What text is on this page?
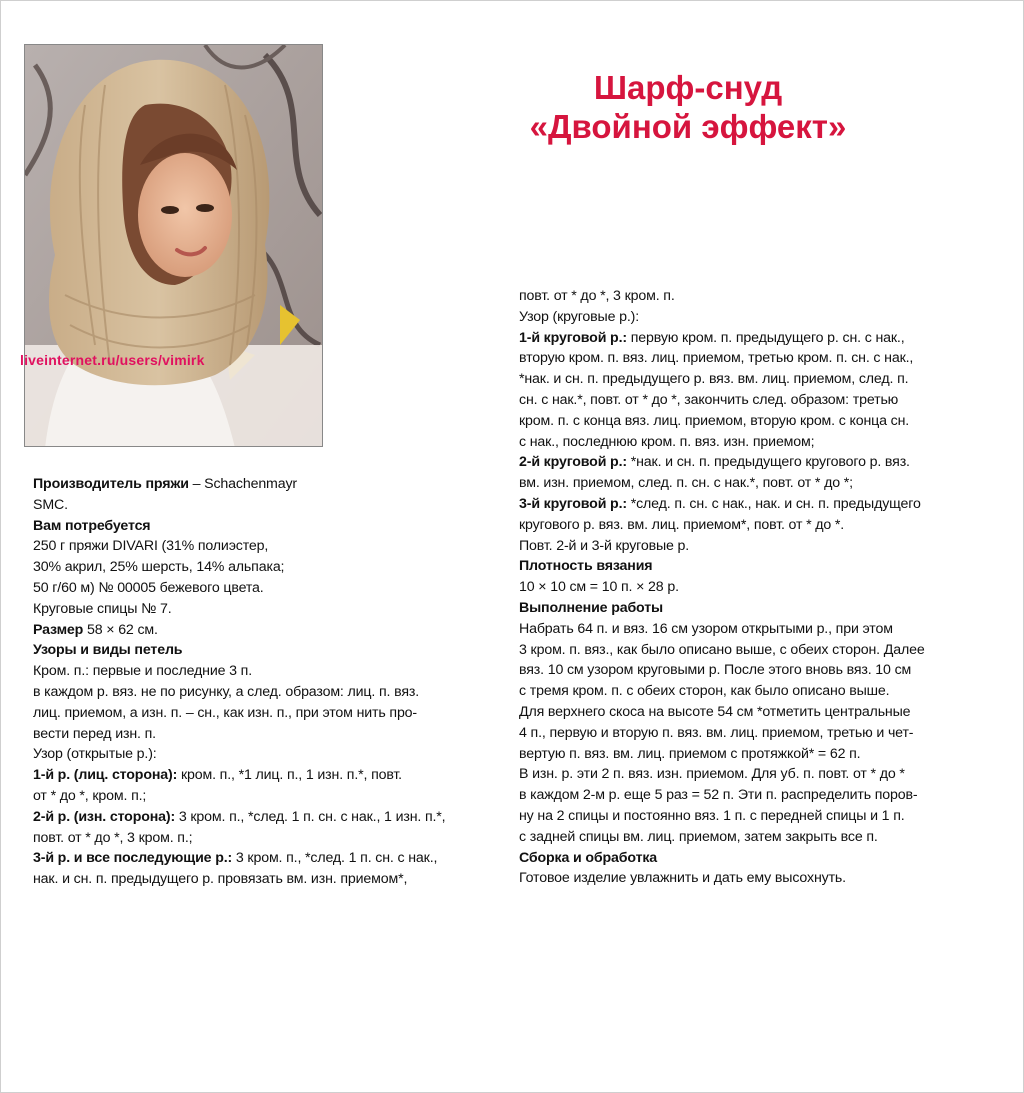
liveinternet.ru/users/vimirk
Шарф-снуд
«Двойной эффект»
Производитель пряжи – Schachenmayr
SMC.
Вам потребуется
250 г пряжи DIVARI (31% полиэстер,
30% акрил, 25% шерсть, 14% альпака;
50 г/60 м) № 00005 бежевого цвета.
Круговые спицы № 7.
Размер 58 × 62 см.
Узоры и виды петель
Кром. п.: первые и последние 3 п.
в каждом р. вяз. не по рисунку, а след. образом: лиц. п. вяз.
лиц. приемом, а изн. п. – сн., как изн. п., при этом нить про-
вести перед изн. п.
Узор (открытые р.):
1-й р. (лиц. сторона): кром. п., *1 лиц. п., 1 изн. п.*, повт.
от * до *, кром. п.;
2-й р. (изн. сторона): 3 кром. п., *след. 1 п. сн. с нак., 1 изн. п.*,
повт. от * до *, 3 кром. п.;
3-й р. и все последующие р.: 3 кром. п., *след. 1 п. сн. с нак.,
нак. и сн. п. предыдущего р. провязать вм. изн. приемом*,
повт. от * до *, 3 кром. п.
Узор (круговые р.):
1-й круговой р.: первую кром. п. предыдущего р. сн. с нак.,
вторую кром. п. вяз. лиц. приемом, третью кром. п. сн. с нак.,
*нак. и сн. п. предыдущего р. вяз. вм. лиц. приемом, след. п.
сн. с нак.*, повт. от * до *, закончить след. образом: третью
кром. п. с конца вяз. лиц. приемом, вторую кром. с конца сн.
с нак., последнюю кром. п. вяз. изн. приемом;
2-й круговой р.: *нак. и сн. п. предыдущего кругового р. вяз.
вм. изн. приемом, след. п. сн. с нак.*, повт. от * до *;
3-й круговой р.: *след. п. сн. с нак., нак. и сн. п. предыдущего
кругового р. вяз. вм. лиц. приемом*, повт. от * до *.
Повт. 2-й и 3-й круговые р.
Плотность вязания
10 × 10 см = 10 п. × 28 р.
Выполнение работы
Набрать 64 п. и вяз. 16 см узором открытыми р., при этом
3 кром. п. вяз., как было описано выше, с обеих сторон. Далее
вяз. 10 см узором круговыми р. После этого вновь вяз. 10 см
с тремя кром. п. с обеих сторон, как было описано выше.
Для верхнего скоса на высоте 54 см *отметить центральные
4 п., первую и вторую п. вяз. вм. лиц. приемом, третью и чет-
вертую п. вяз. вм. лиц. приемом с протяжкой* = 62 п.
В изн. р. эти 2 п. вяз. изн. приемом. Для уб. п. повт. от * до *
в каждом 2-м р. еще 5 раз = 52 п. Эти п. распределить поров-
ну на 2 спицы и постоянно вяз. 1 п. с передней спицы и 1 п.
с задней спицы вм. лиц. приемом, затем закрыть все п.
Сборка и обработка
Готовое изделие увлажнить и дать ему высохнуть.
